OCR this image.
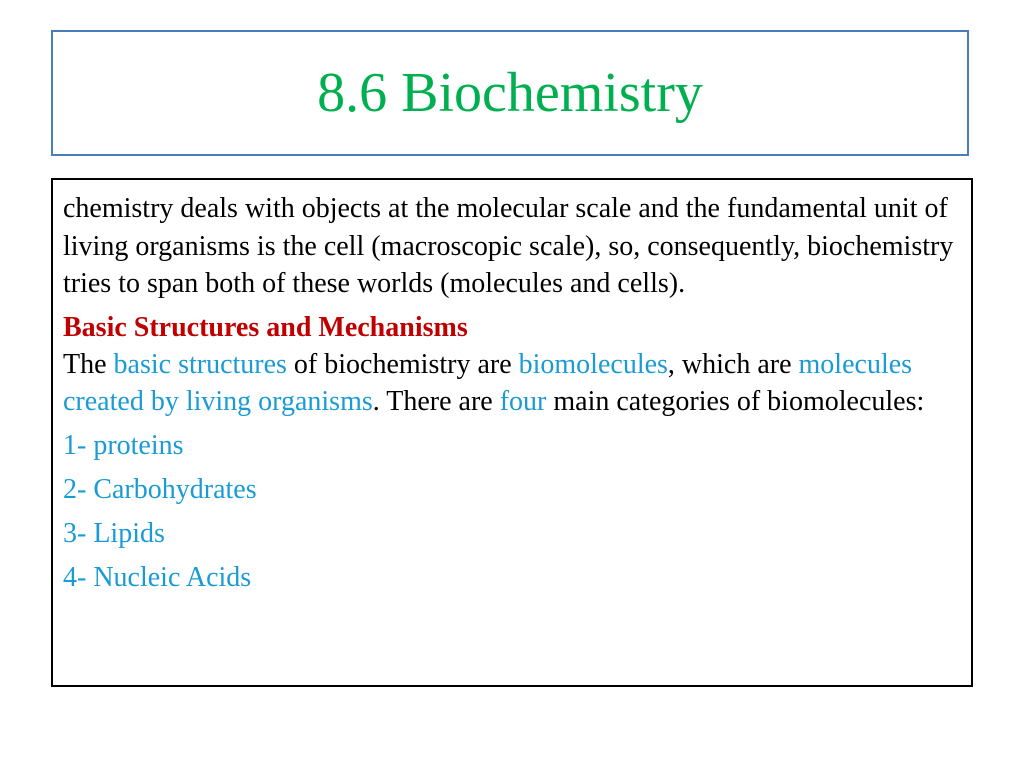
8.6 Biochemistry

chemistry deals with objects at the molecular scale and the fundamental unit of living organisms is the cell (macroscopic scale), so, consequently, biochemistry tries to span both of these worlds (molecules and cells).

Basic Structures and Mechanisms

The basic structures of biochemistry are biomolecules, which are molecules created by living organisms. There are four main categories of biomolecules:

1- proteins
2- Carbohydrates
3- Lipids
4- Nucleic Acids
